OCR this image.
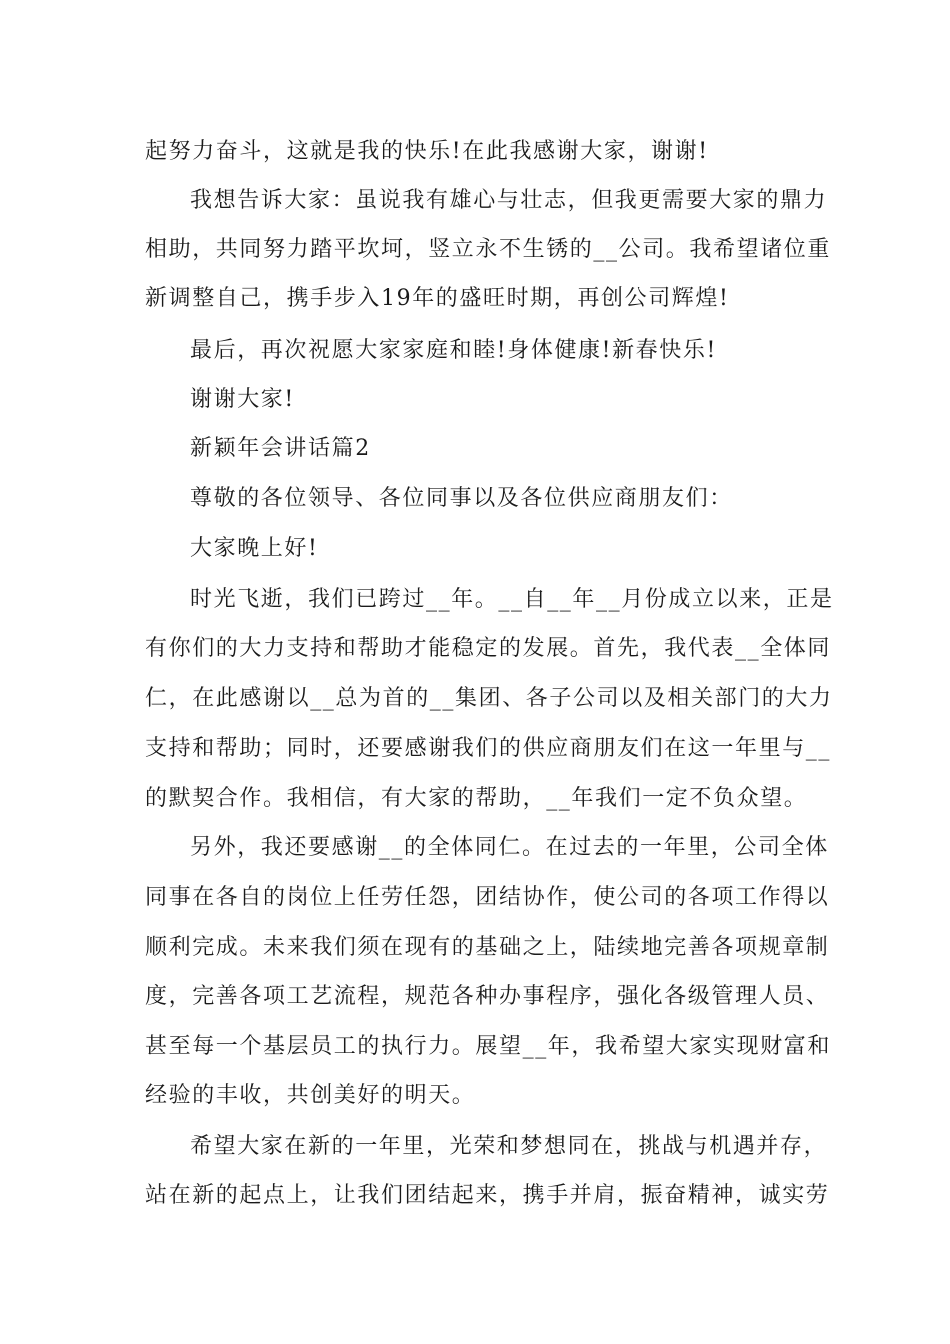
起努力奋斗，这就是我的快乐!在此我感谢大家，谢谢!
我想告诉大家：虽说我有雄心与壮志，但我更需要大家的鼎力
相助，共同努力踏平坎坷，竖立永不生锈的__公司。我希望诸位重
新调整自己，携手步入19年的盛旺时期，再创公司辉煌!
最后，再次祝愿大家家庭和睦!身体健康!新春快乐!
谢谢大家!
新颖年会讲话篇2
尊敬的各位领导、各位同事以及各位供应商朋友们：
大家晚上好!
时光飞逝，我们已跨过__年。__自__年__月份成立以来，正是
有你们的大力支持和帮助才能稳定的发展。首先，我代表__全体同
仁，在此感谢以__总为首的__集团、各子公司以及相关部门的大力
支持和帮助；同时，还要感谢我们的供应商朋友们在这一年里与__
的默契合作。我相信，有大家的帮助，__年我们一定不负众望。
另外，我还要感谢__的全体同仁。在过去的一年里，公司全体
同事在各自的岗位上任劳任怨，团结协作，使公司的各项工作得以
顺利完成。未来我们须在现有的基础之上，陆续地完善各项规章制
度，完善各项工艺流程，规范各种办事程序，强化各级管理人员、
甚至每一个基层员工的执行力。展望__年，我希望大家实现财富和
经验的丰收，共创美好的明天。
希望大家在新的一年里，光荣和梦想同在，挑战与机遇并存，
站在新的起点上，让我们团结起来，携手并肩，振奋精神，诚实劳
